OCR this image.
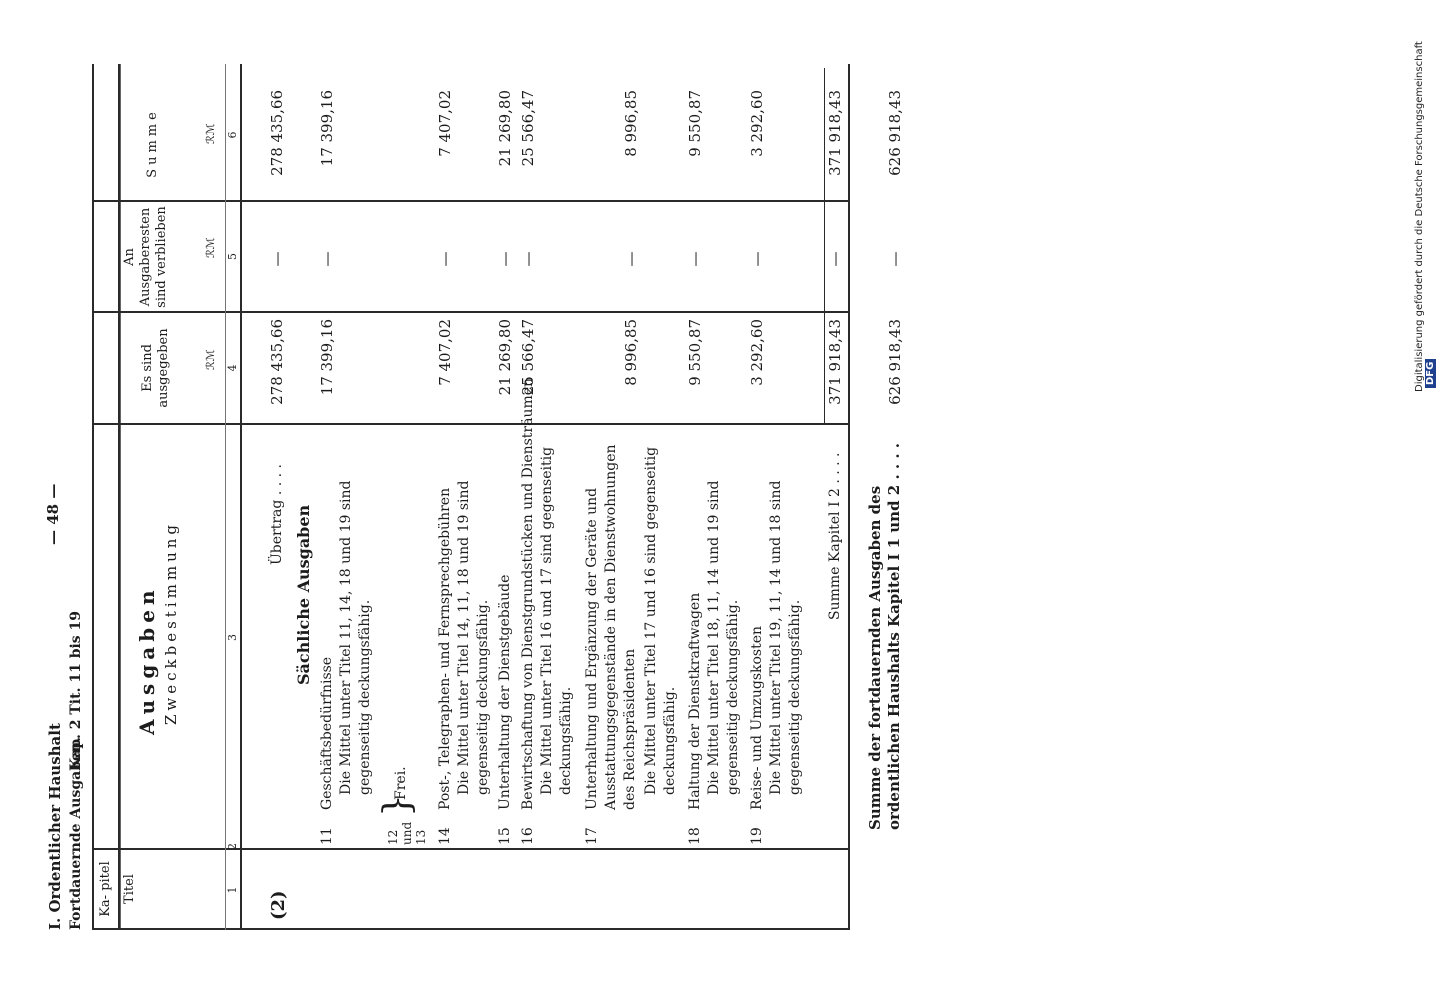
I. Ordentlicher Haushalt Fortdauernde Ausgaben.
Kap. 2 Tit. 11 bis 19
— 48 —
Ka- pitel Titel
Ausgaben Zweckbestimmung
Es sind ausgegeben
An Ausgaberesten sind verblieben
Summe
ℛℳ
ℛℳ
ℛℳ
1
2
3
4
5
6
(2)
Übertrag . . . .
278 435,66
—
278 435,66
Sächliche Ausgaben
11
Geschäftsbedürfnisse Die Mittel unter Titel 11, 14, 18 und 19 sind gegenseitig deckungsfähig.
17 399,16
—
17 399,16
12 und 13
}
Frei.
14
Post-, Telegraphen- und Fernsprechgebühren Die Mittel unter Titel 14, 11, 18 und 19 sind gegenseitig deckungsfähig.
7 407,02
—
7 407,02
15
Unterhaltung der Dienstgebäude
21 269,80
—
21 269,80
16
Bewirtschaftung von Dienstgrundstücken und Diensträumen Die Mittel unter Titel 16 und 17 sind gegenseitig deckungsfähig.
25 566,47
—
25 566,47
17
Unterhaltung und Ergänzung der Geräte und Ausstattungsgegenstände in den Dienstwohnungen des Reichspräsidenten Die Mittel unter Titel 17 und 16 sind gegenseitig deckungsfähig.
8 996,85
—
8 996,85
18
Haltung der Dienstkraftwagen Die Mittel unter Titel 18, 11, 14 und 19 sind gegenseitig deckungsfähig.
9 550,87
—
9 550,87
19
Reise- und Umzugskosten Die Mittel unter Titel 19, 11, 14 und 18 sind gegenseitig deckungsfähig.
3 292,60
—
3 292,60
Summe Kapitel I 2 . . . .
371 918,43
—
371 918,43
Summe der fortdauernden Ausgaben des ordentlichen Haushalts Kapitel I 1 und 2 . . . .
626 918,43
—
626 918,43	Digitalisierung gefördert durch die Deutsche Forschungsgemeinschaft DFG
